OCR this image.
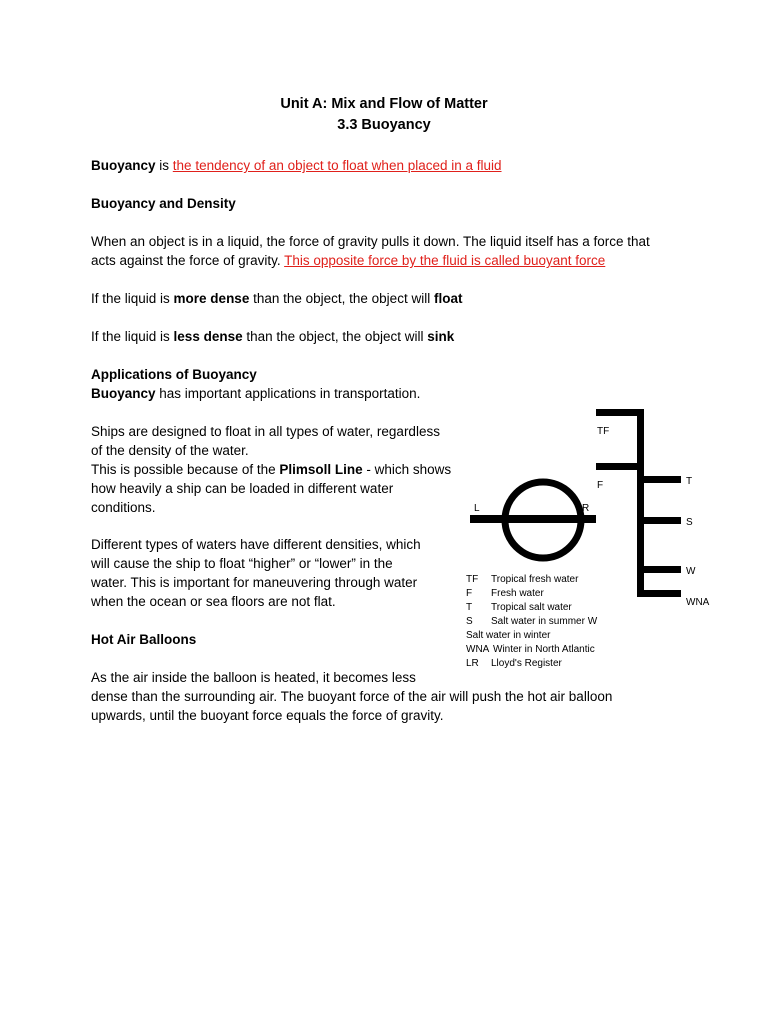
Unit A: Mix and Flow of Matter
3.3 Buoyancy
Buoyancy is the tendency of an object to float when placed in a fluid
Buoyancy and Density
When an object is in a liquid, the force of gravity pulls it down. The liquid itself has a force that
acts against the force of gravity. This opposite force by the fluid is called buoyant force
If the liquid is more dense than the object, the object will float
If the liquid is less dense than the object, the object will sink
Applications of Buoyancy
Buoyancy has important applications in transportation.
Ships are designed to float in all types of water, regardless
of the density of the water.
This is possible because of the Plimsoll Line - which shows
how heavily a ship can be loaded in different water
conditions.
Different types of waters have different densities, which
will cause the ship to float “higher” or “lower” in the
water. This is important for maneuvering through water
when the ocean or sea floors are not flat.
Hot Air Balloons
As the air inside the balloon is heated, it becomes less
dense than the surrounding air. The buoyant force of the air will push the hot air balloon
upwards, until the buoyant force equals the force of gravity.
L	R
TF
F	T
S
W
WNA
TF Tropical fresh water
F Fresh water
T Tropical salt water
S Salt water in summer W
Salt water in winter
WNA Winter in North Atlantic
LR Lloyd's Register
